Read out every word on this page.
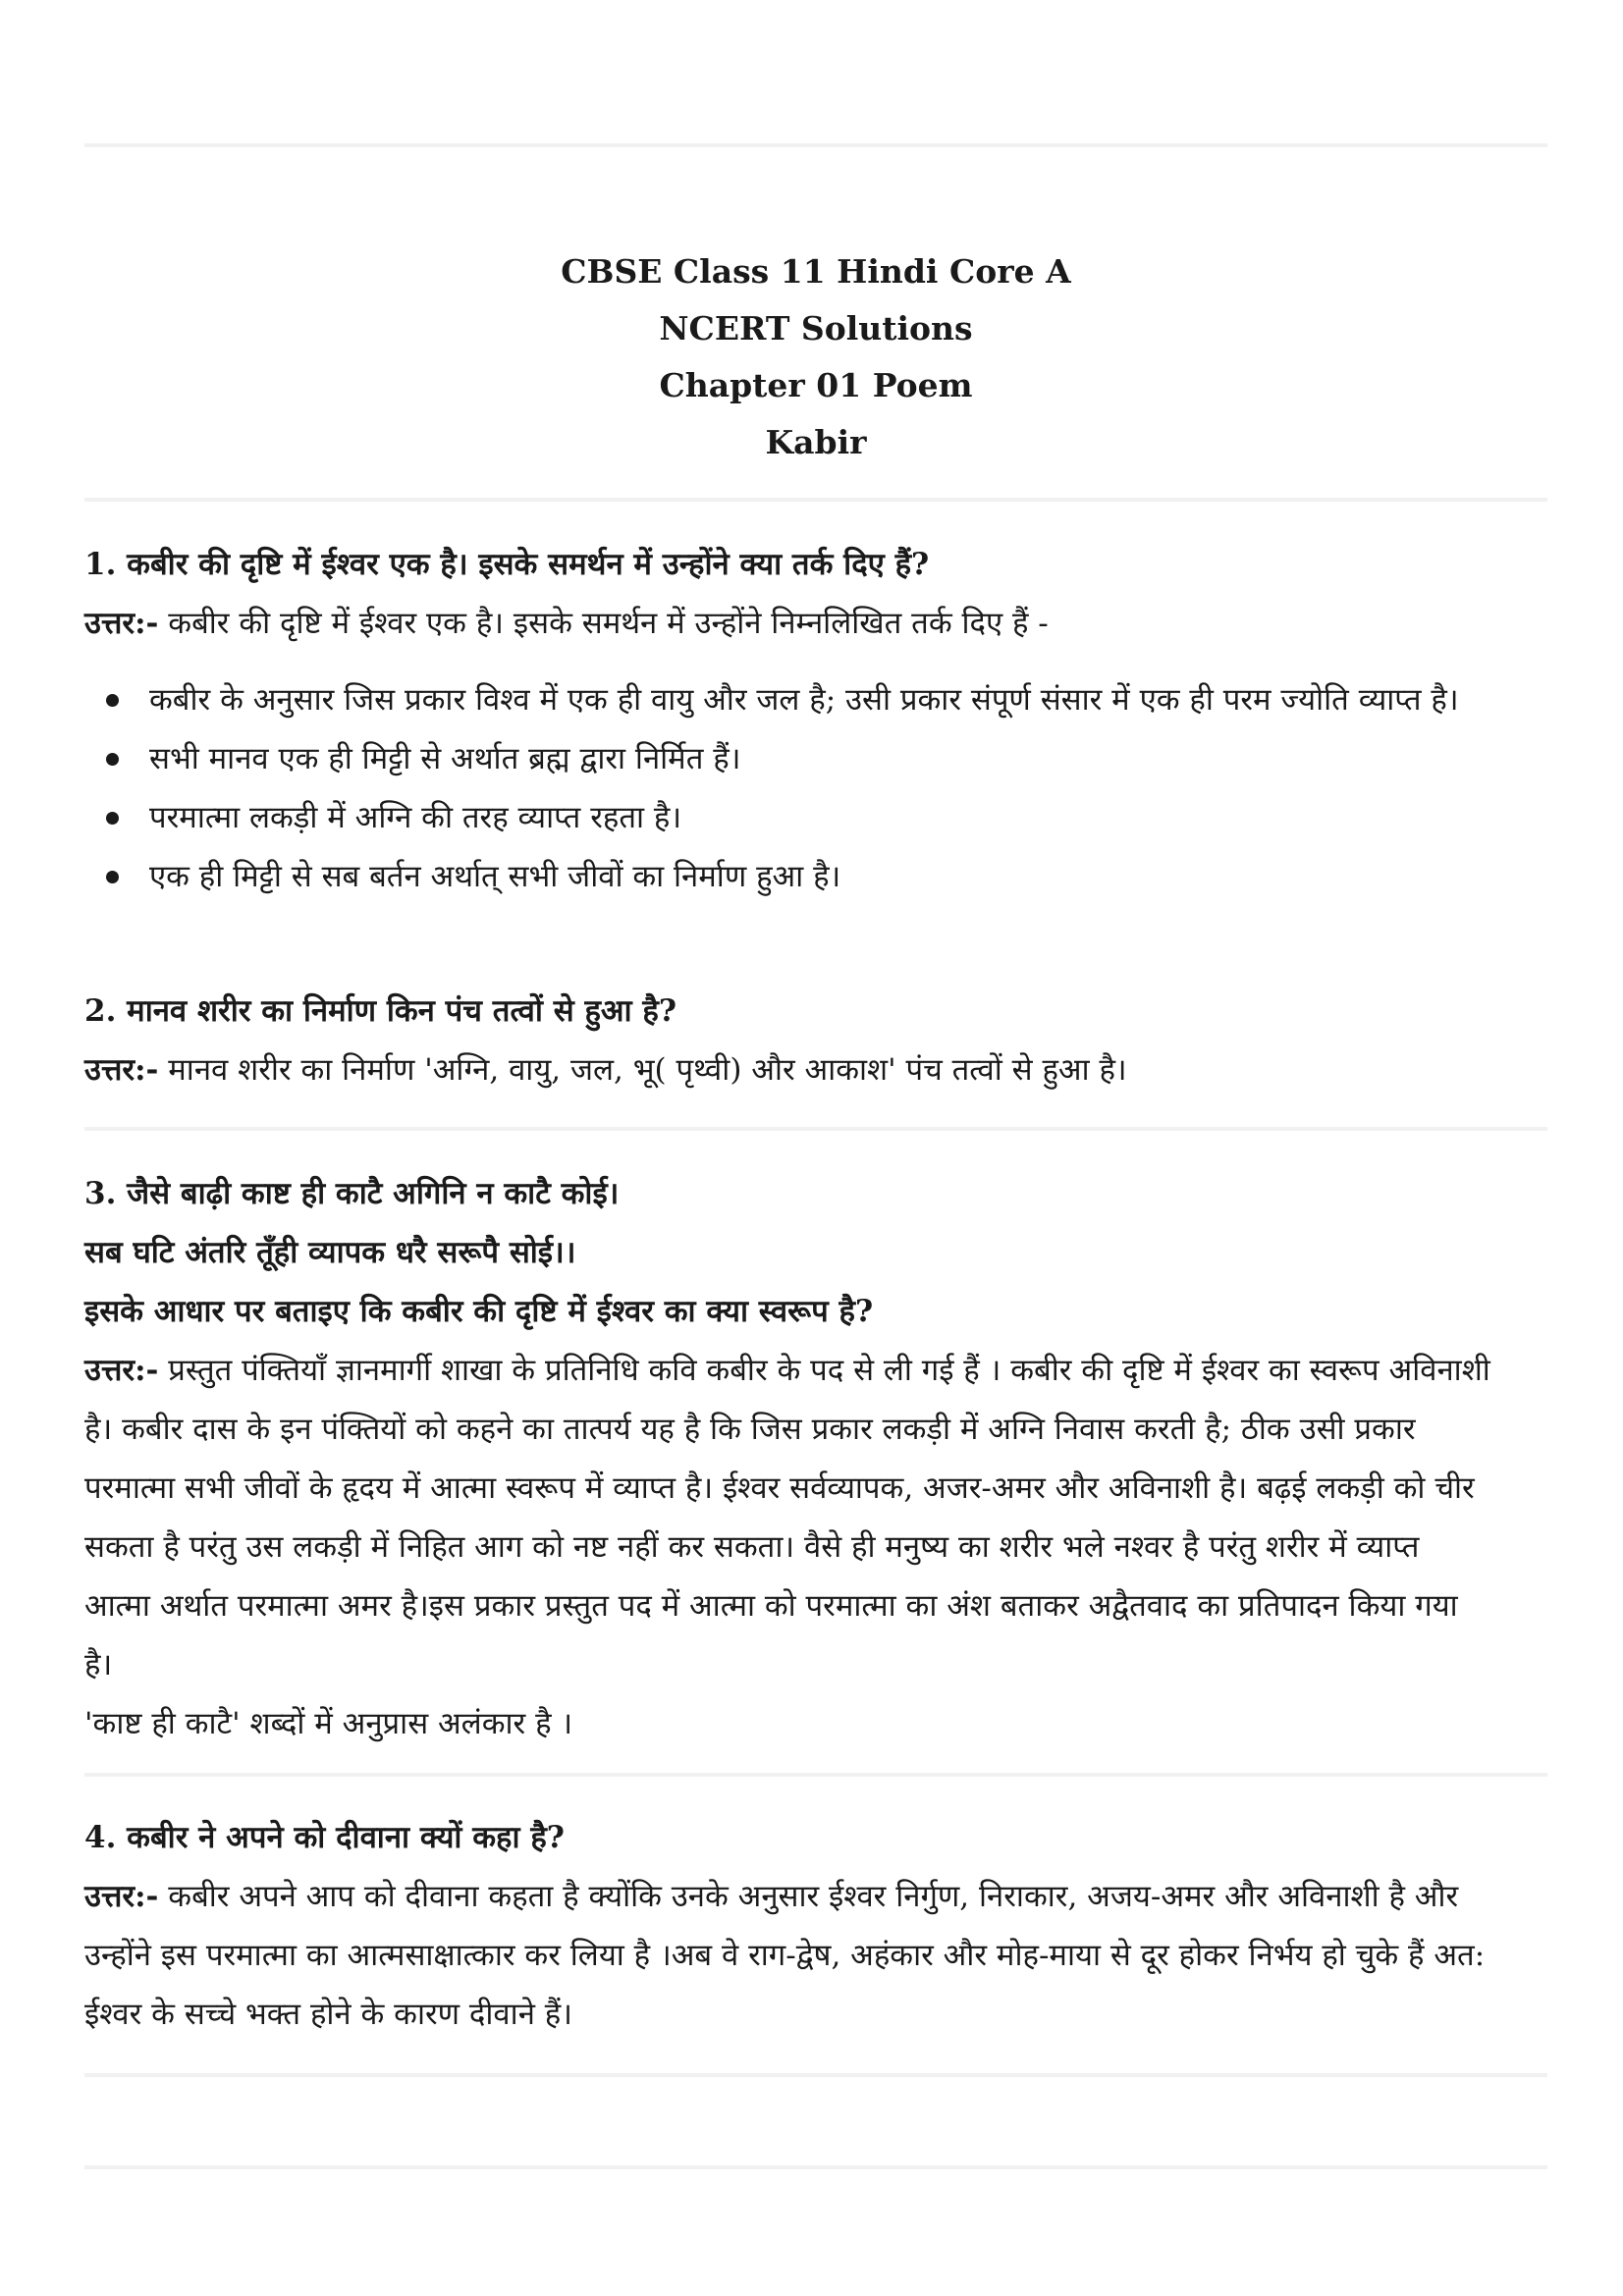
CBSE Class 11 Hindi Core A
NCERT Solutions
Chapter 01 Poem
Kabir
1. कबीर की दृष्टि में ईश्वर एक है। इसके समर्थन में उन्होंने क्या तर्क दिए हैं?
उत्तर:- कबीर की दृष्टि में ईश्वर एक है। इसके समर्थन में उन्होंने निम्नलिखित तर्क दिए हैं -
कबीर के अनुसार जिस प्रकार विश्व में एक ही वायु और जल है; उसी प्रकार संपूर्ण संसार में एक ही परम ज्योति व्याप्त है।
सभी मानव एक ही मिट्टी से अर्थात ब्रह्म द्वारा निर्मित हैं।
परमात्मा लकड़ी में अग्नि की तरह व्याप्त रहता है।
एक ही मिट्टी से सब बर्तन अर्थात् सभी जीवों का निर्माण हुआ है।
2. मानव शरीर का निर्माण किन पंच तत्वों से हुआ है?
उत्तर:- मानव शरीर का निर्माण 'अग्नि, वायु, जल, भू( पृथ्वी) और आकाश' पंच तत्वों से हुआ है।
3. जैसे बाढ़ी काष्ट ही काटै अगिनि न काटै कोई।
सब घटि अंतरि तूँही व्यापक धरै सरूपै सोई।।
इसके आधार पर बताइए कि कबीर की दृष्टि में ईश्वर का क्या स्वरूप है?
उत्तर:- प्रस्तुत पंक्तियाँ ज्ञानमार्गी शाखा के प्रतिनिधि कवि कबीर के पद से ली गई हैं । कबीर की दृष्टि में ईश्वर का स्वरूप अविनाशी
है। कबीर दास के इन पंक्तियों को कहने का तात्पर्य यह है कि जिस प्रकार लकड़ी में अग्नि निवास करती है; ठीक उसी प्रकार
परमात्मा सभी जीवों के हृदय में आत्मा स्वरूप में व्याप्त है। ईश्वर सर्वव्यापक, अजर-अमर और अविनाशी है। बढ़ई लकड़ी को चीर
सकता है परंतु उस लकड़ी में निहित आग को नष्ट नहीं कर सकता। वैसे ही मनुष्य का शरीर भले नश्वर है परंतु शरीर में व्याप्त
आत्मा अर्थात परमात्मा अमर है।इस प्रकार प्रस्तुत पद में आत्मा को परमात्मा का अंश बताकर अद्वैतवाद का प्रतिपादन किया गया
है।
'काष्ट ही काटै' शब्दों में अनुप्रास अलंकार है ।
4. कबीर ने अपने को दीवाना क्यों कहा है?
उत्तर:- कबीर अपने आप को दीवाना कहता है क्योंकि उनके अनुसार ईश्वर निर्गुण, निराकार, अजय-अमर और अविनाशी है और
उन्होंने इस परमात्मा का आत्मसाक्षात्कार कर लिया है ।अब वे राग-द्वेष, अहंकार और मोह-माया से दूर होकर निर्भय हो चुके हैं अत:
ईश्वर के सच्चे भक्त होने के कारण दीवाने हैं।
